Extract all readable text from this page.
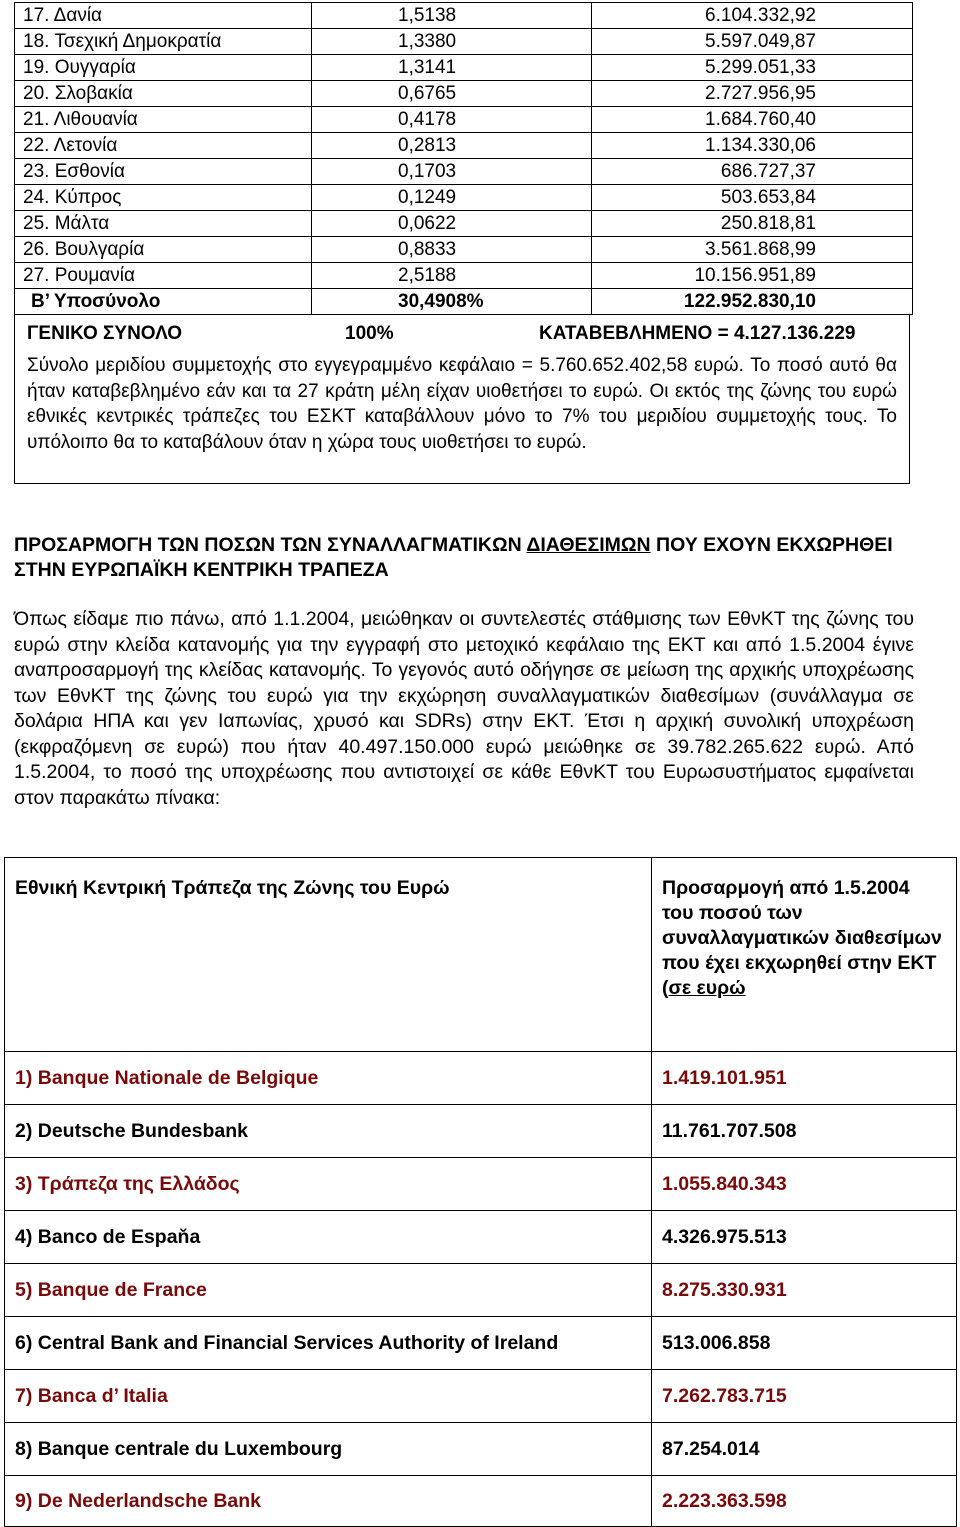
17. Δανία	1,5138	6.104.332,92
18. Τσεχική Δημοκρατία	1,3380	5.597.049,87
19. Ουγγαρία	1,3141	5.299.051,33
20. Σλοβακία	0,6765	2.727.956,95
21. Λιθουανία	0,4178	1.684.760,40
22. Λετονία	0,2813	1.134.330,06
23. Εσθονία	0,1703	686.727,37
24. Κύπρος	0,1249	503.653,84
25. Μάλτα	0,0622	250.818,81
26. Βουλγαρία	0,8833	3.561.868,99
27. Ρουμανία	2,5188	10.156.951,89
Β’ Υποσύνολο	30,4908%	122.952.830,10
ΓΕΝΙΚΟ ΣΥΝΟΛΟ	100%	ΚΑΤΑΒΕΒΛΗΜΕΝΟ = 4.127.136.229
Σύνολο μεριδίου συμμετοχής στο εγγεγραμμένο κεφάλαιο = 5.760.652.402,58 ευρώ. Το ποσό αυτό θα ήταν καταβεβλημένο εάν και τα 27 κράτη μέλη είχαν υιοθετήσει το ευρώ. Οι εκτός της ζώνης του ευρώ εθνικές κεντρικές τράπεζες του ΕΣΚΤ καταβάλλουν μόνο το 7% του μεριδίου συμμετοχής τους. Το υπόλοιπο θα το καταβάλουν όταν η χώρα τους υιοθετήσει το ευρώ.
ΠΡΟΣΑΡΜΟΓΗ ΤΩΝ ΠΟΣΩΝ ΤΩΝ ΣΥΝΑΛΛΑΓΜΑΤΙΚΩΝ ΔΙΑΘΕΣΙΜΩΝ ΠΟΥ ΕΧΟΥΝ ΕΚΧΩΡΗΘΕΙ ΣΤΗΝ ΕΥΡΩΠΑΪΚΗ ΚΕΝΤΡΙΚΗ ΤΡΑΠΕΖΑ
Όπως είδαμε πιο πάνω, από 1.1.2004, μειώθηκαν οι συντελεστές στάθμισης των ΕθνΚΤ της ζώνης του ευρώ στην κλείδα κατανομής για την εγγραφή στο μετοχικό κεφάλαιο της ΕΚΤ και από 1.5.2004 έγινε αναπροσαρμογή της κλείδας κατανομής. Το γεγονός αυτό οδήγησε σε μείωση της αρχικής υποχρέωσης των ΕθνΚΤ της ζώνης του ευρώ για την εκχώρηση συναλλαγματικών διαθεσίμων (συνάλλαγμα σε δολάρια ΗΠΑ και γεν Ιαπωνίας, χρυσό και SDRs) στην ΕΚΤ. Έτσι η αρχική συνολική υποχρέωση (εκφραζόμενη σε ευρώ) που ήταν 40.497.150.000 ευρώ μειώθηκε σε 39.782.265.622 ευρώ. Από 1.5.2004, το ποσό της υποχρέωσης που αντιστοιχεί σε κάθε ΕθνΚΤ του Ευρωσυστήματος εμφαίνεται στον παρακάτω πίνακα:
Εθνική Κεντρική Τράπεζα της Ζώνης του Ευρώ	Προσαρμογή από 1.5.2004 του ποσού των συναλλαγματικών διαθεσίμων που έχει εκχωρηθεί στην ΕΚΤ (σε ευρώ
1) Banque Nationale de Belgique	1.419.101.951
2) Deutsche Bundesbank	11.761.707.508
3) Τράπεζα της Ελλάδος	1.055.840.343
4) Banco de Espaňa	4.326.975.513
5) Banque de France	8.275.330.931
6) Central Bank and Financial Services Authority of Ireland	513.006.858
7) Banca d’ Italia	7.262.783.715
8) Banque centrale du Luxembourg	87.254.014
9) De Nederlandsche Bank	2.223.363.598
